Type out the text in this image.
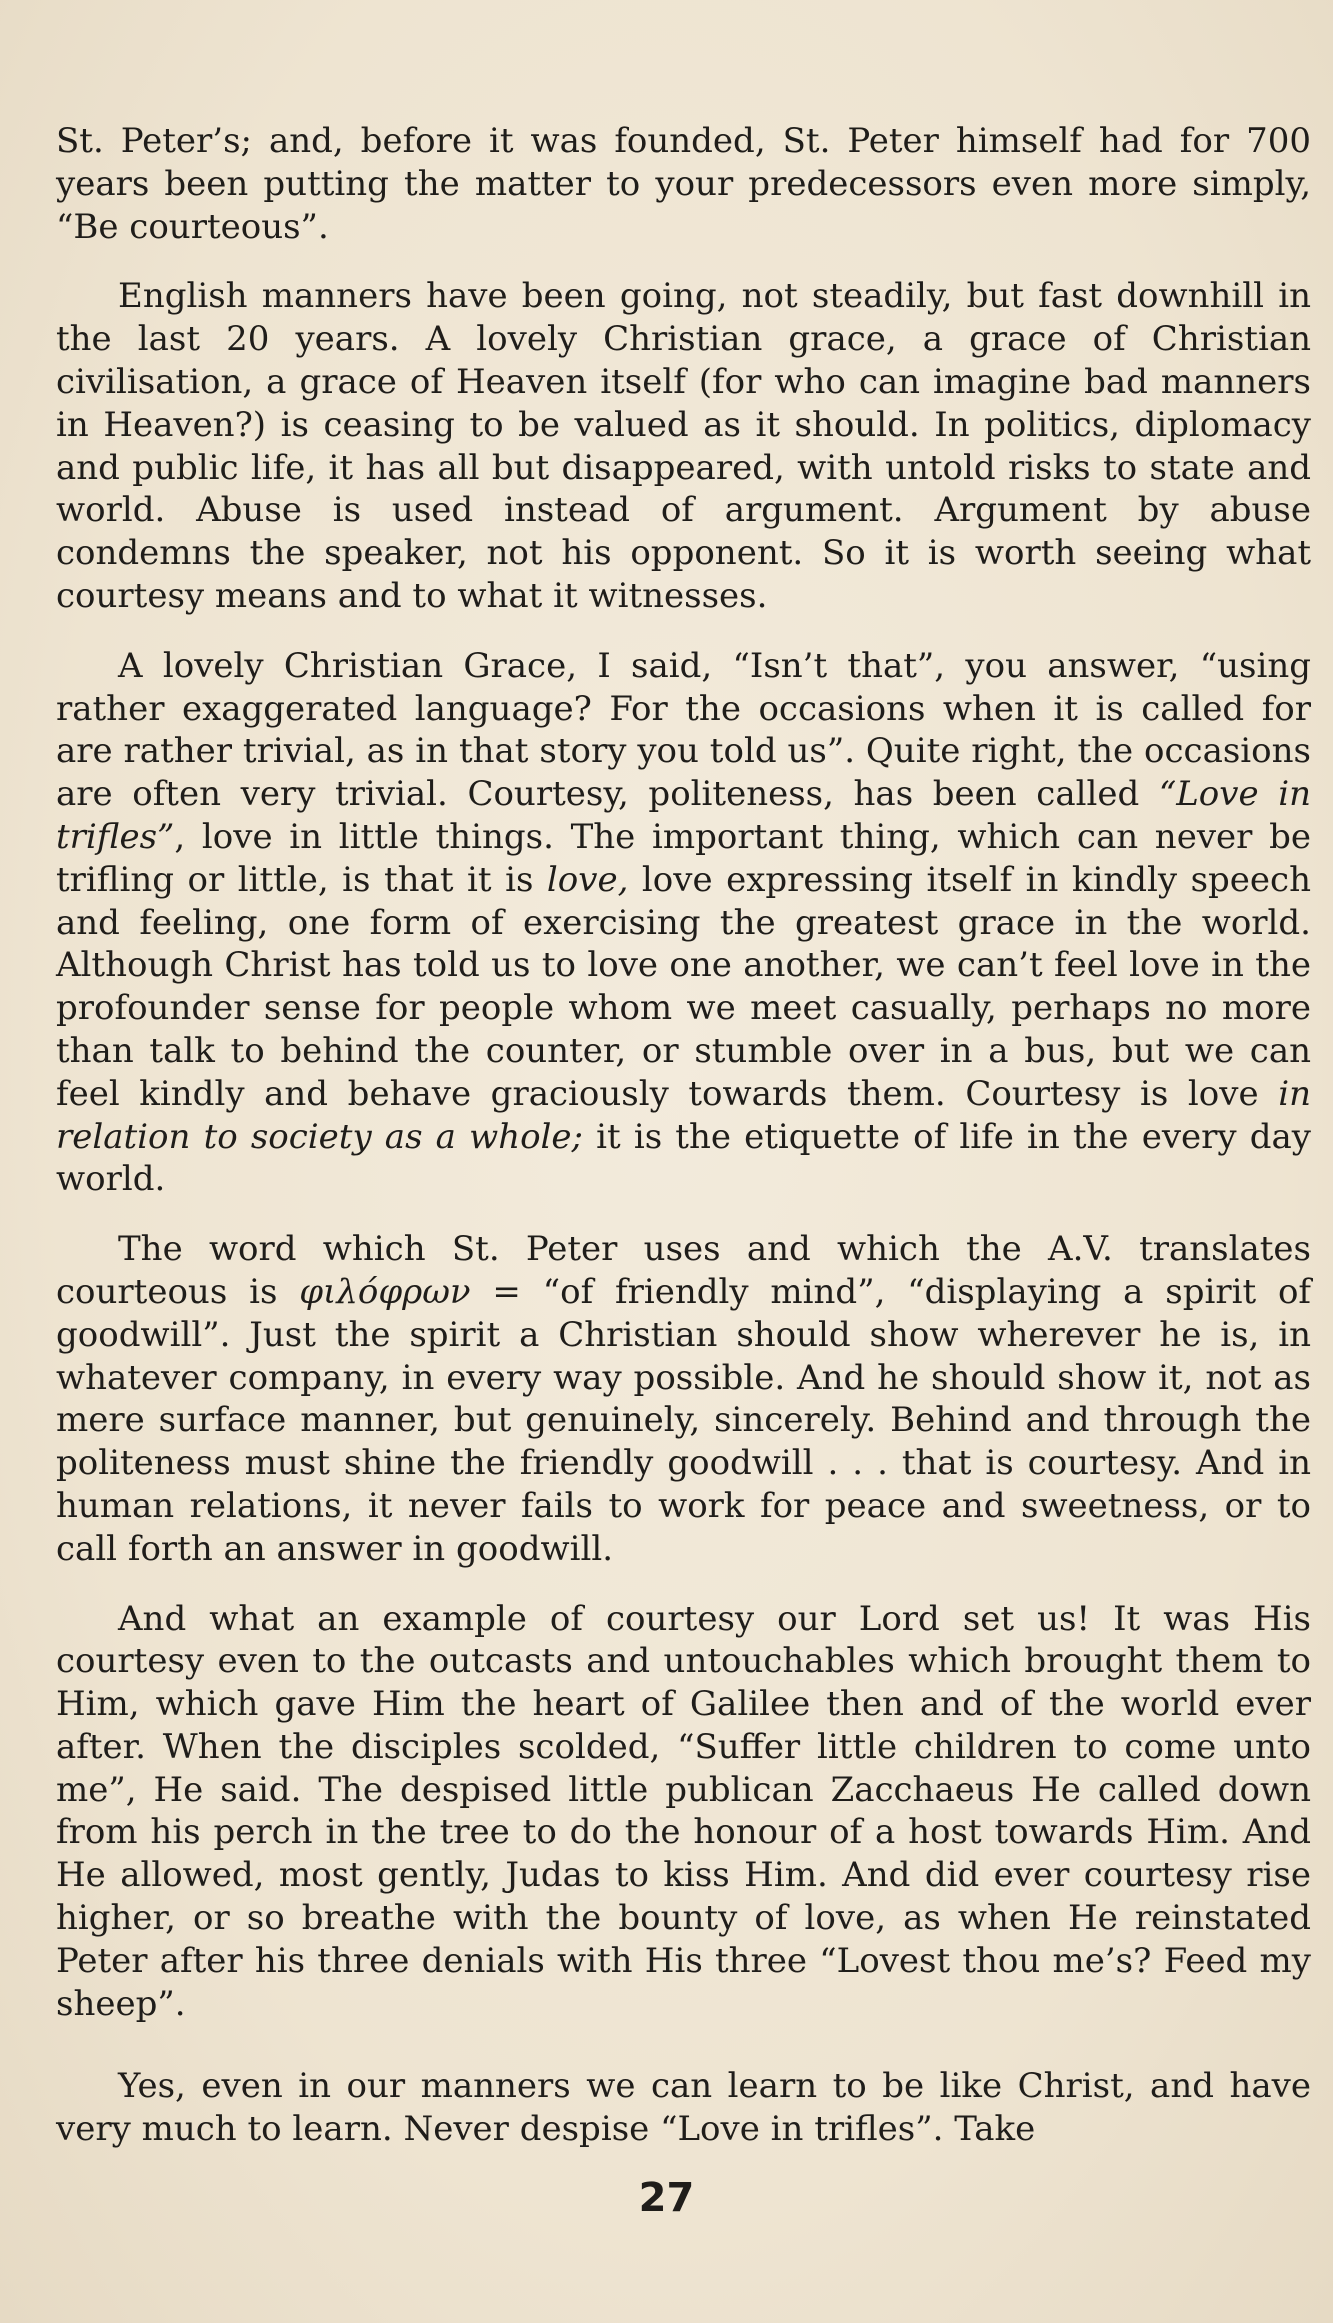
St. Peter’s; and, before it was founded, St. Peter himself had for 700 years been putting the matter to your predecessors even more simply, “Be courteous”.

English manners have been going, not steadily, but fast downhill in the last 20 years. A lovely Christian grace, a grace of Christian civilisation, a grace of Heaven itself (for who can imagine bad manners in Heaven?) is ceasing to be valued as it should. In politics, diplomacy and public life, it has all but disappeared, with untold risks to state and world. Abuse is used instead of argument. Argument by abuse condemns the speaker, not his opponent. So it is worth seeing what courtesy means and to what it witnesses.

A lovely Christian Grace, I said, “Isn’t that”, you answer, “using rather exaggerated language? For the occasions when it is called for are rather trivial, as in that story you told us”. Quite right, the occasions are often very trivial. Courtesy, politeness, has been called “Love in trifles”, love in little things. The important thing, which can never be trifling or little, is that it is love, love expressing itself in kindly speech and feeling, one form of exercising the greatest grace in the world. Although Christ has told us to love one another, we can’t feel love in the profounder sense for people whom we meet casually, perhaps no more than talk to behind the counter, or stumble over in a bus, but we can feel kindly and behave graciously towards them. Courtesy is love in relation to society as a whole; it is the etiquette of life in the every day world.

The word which St. Peter uses and which the A.V. translates courteous is φιλόφρων = “of friendly mind”, “displaying a spirit of goodwill”. Just the spirit a Christian should show wherever he is, in whatever company, in every way possible. And he should show it, not as mere surface manner, but genuinely, sincerely. Behind and through the politeness must shine the friendly goodwill . . . that is courtesy. And in human relations, it never fails to work for peace and sweetness, or to call forth an answer in goodwill.

And what an example of courtesy our Lord set us! It was His courtesy even to the outcasts and untouchables which brought them to Him, which gave Him the heart of Galilee then and of the world ever after. When the disciples scolded, “Suffer little children to come unto me”, He said. The despised little publican Zacchaeus He called down from his perch in the tree to do the honour of a host towards Him. And He allowed, most gently, Judas to kiss Him. And did ever courtesy rise higher, or so breathe with the bounty of love, as when He reinstated Peter after his three denials with His three “Lovest thou me’s? Feed my sheep”.

Yes, even in our manners we can learn to be like Christ, and have very much to learn. Never despise “Love in trifles”. Take

27
